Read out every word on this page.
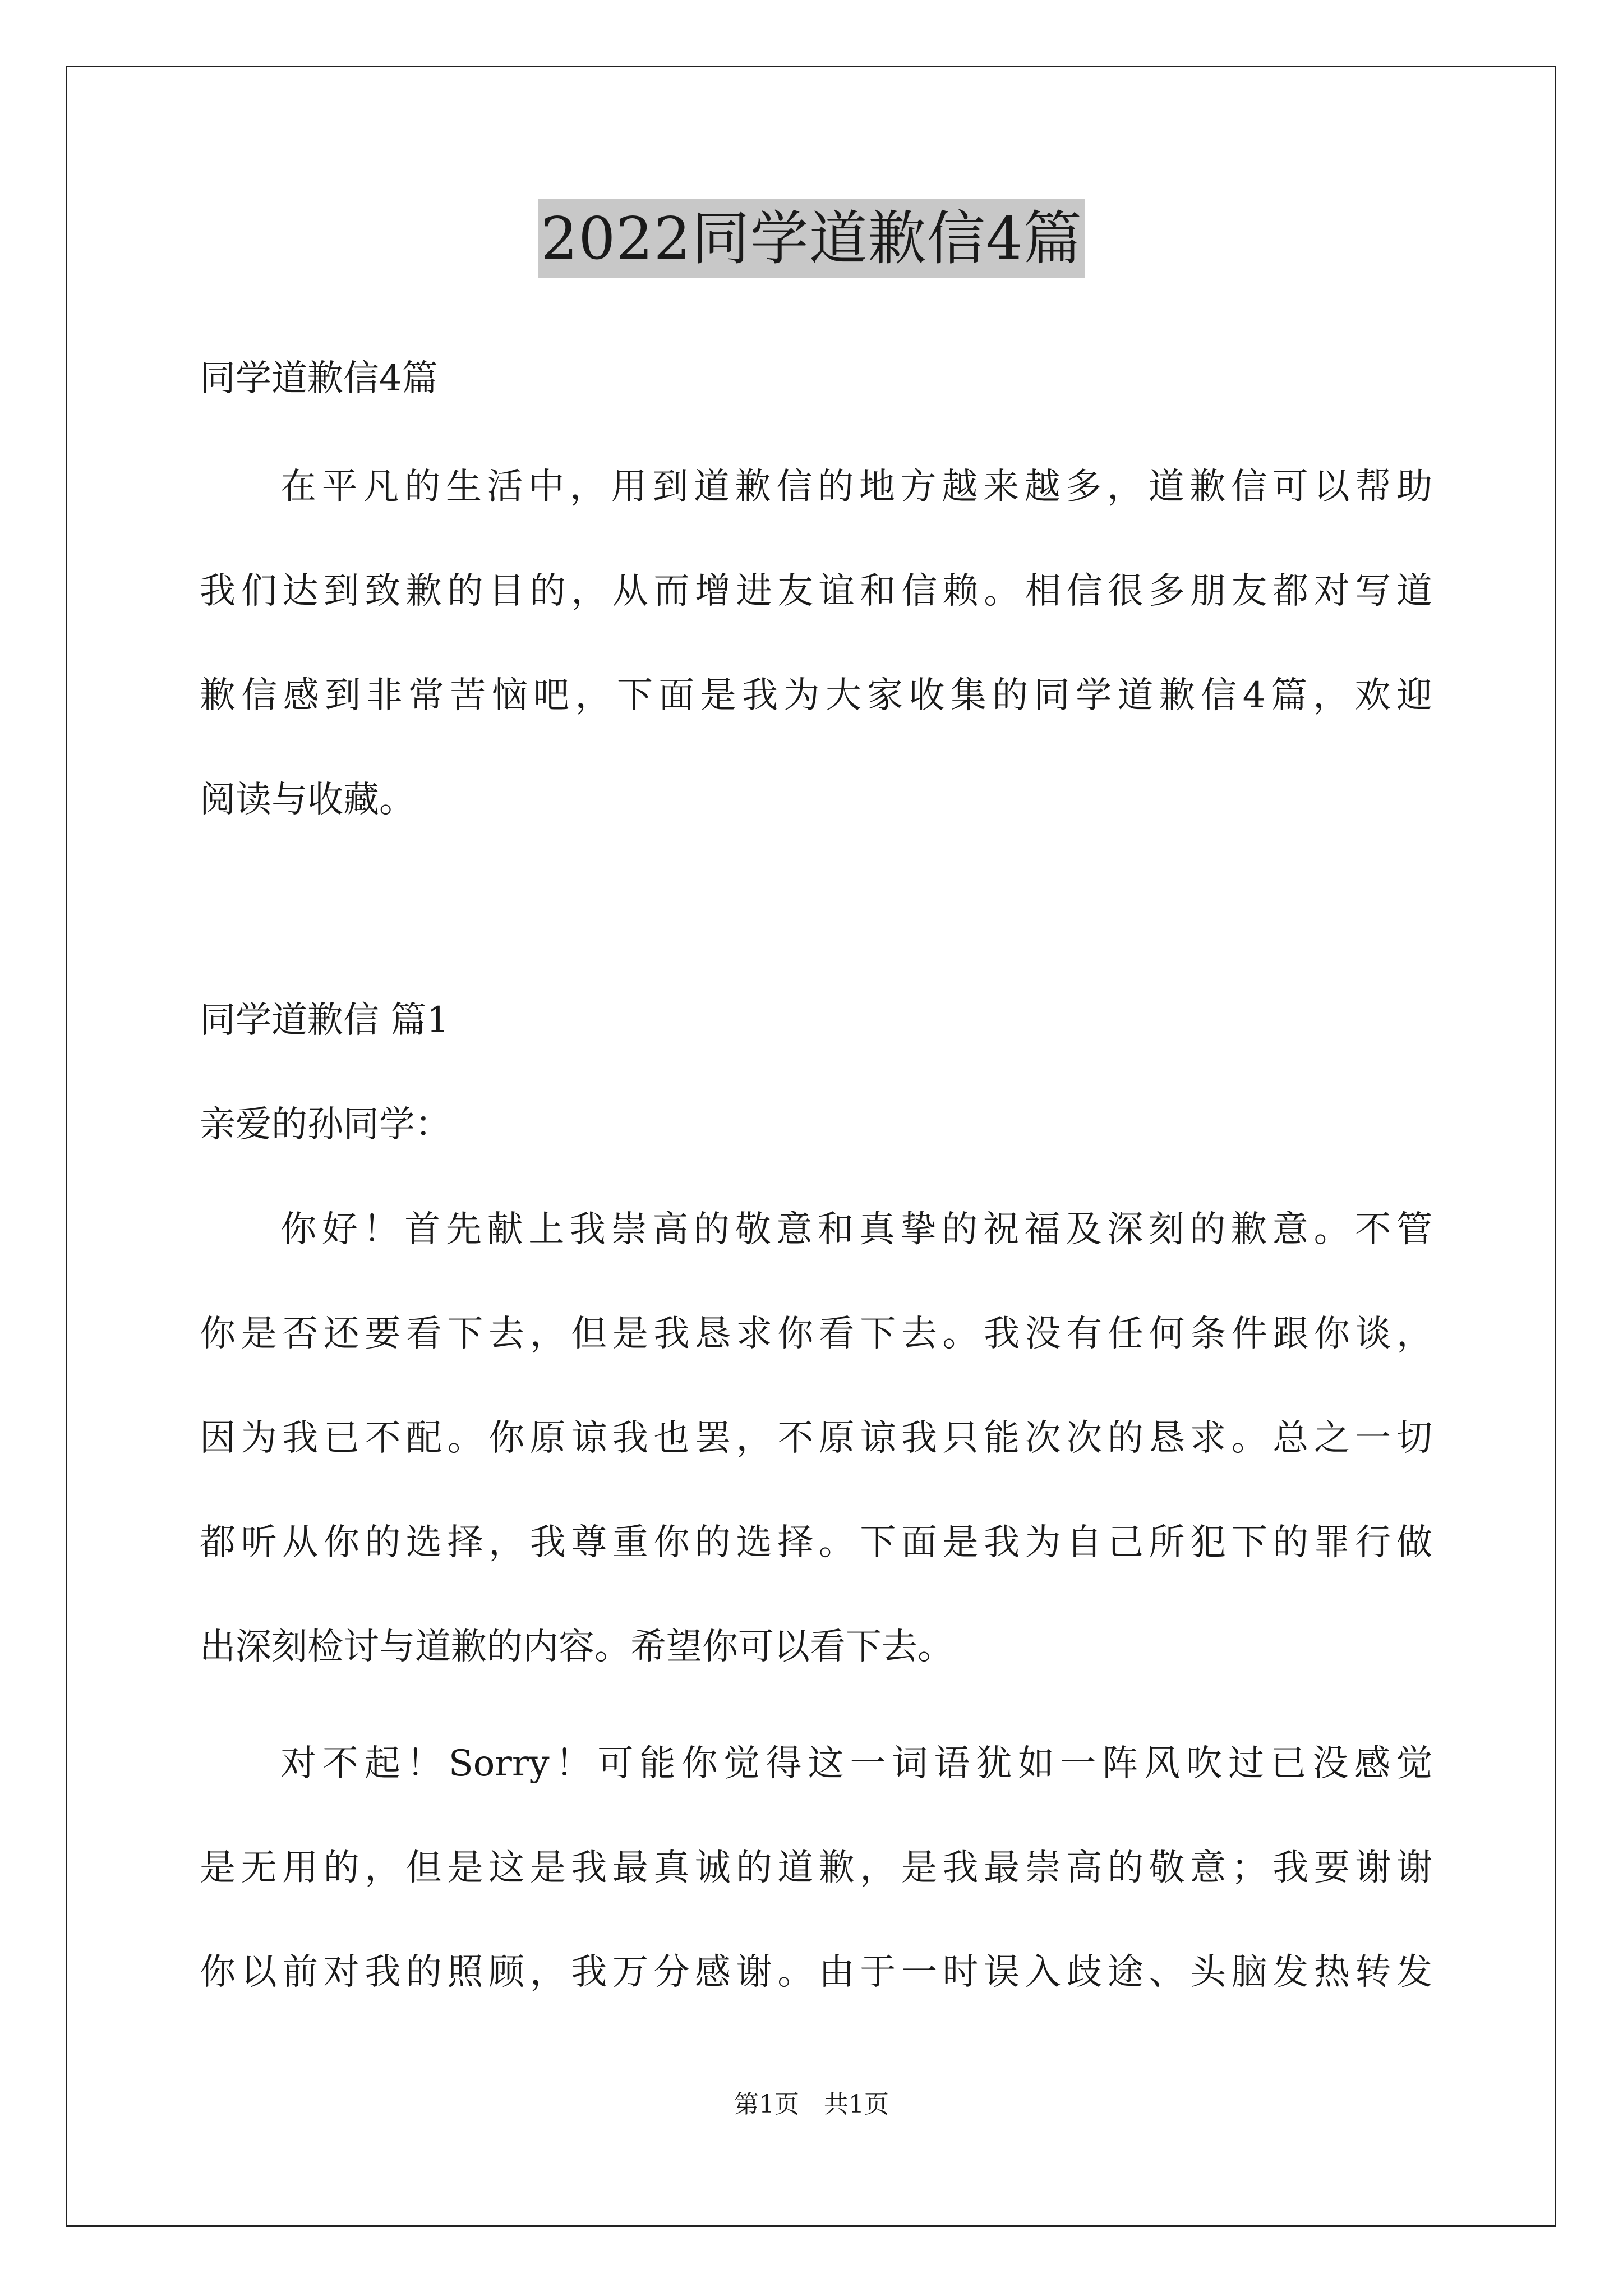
2022同学道歉信4篇
同学道歉信4篇
在平凡的生活中，用到道歉信的地方越来越多，道歉信可以帮助
我们达到致歉的目的，从而增进友谊和信赖。相信很多朋友都对写道
歉信感到非常苦恼吧，下面是我为大家收集的同学道歉信4篇，欢迎
阅读与收藏。
同学道歉信 篇1
亲爱的孙同学：
你好！首先献上我崇高的敬意和真挚的祝福及深刻的歉意。不管
你是否还要看下去，但是我恳求你看下去。我没有任何条件跟你谈，
因为我已不配。你原谅我也罢，不原谅我只能次次的恳求。总之一切
都听从你的选择，我尊重你的选择。下面是我为自己所犯下的罪行做
出深刻检讨与道歉的内容。希望你可以看下去。
对不起！Sorry！可能你觉得这一词语犹如一阵风吹过已没感觉
是无用的，但是这是我最真诚的道歉，是我最崇高的敬意；我要谢谢
你以前对我的照顾，我万分感谢。由于一时误入歧途、头脑发热转发
第1页　共1页
